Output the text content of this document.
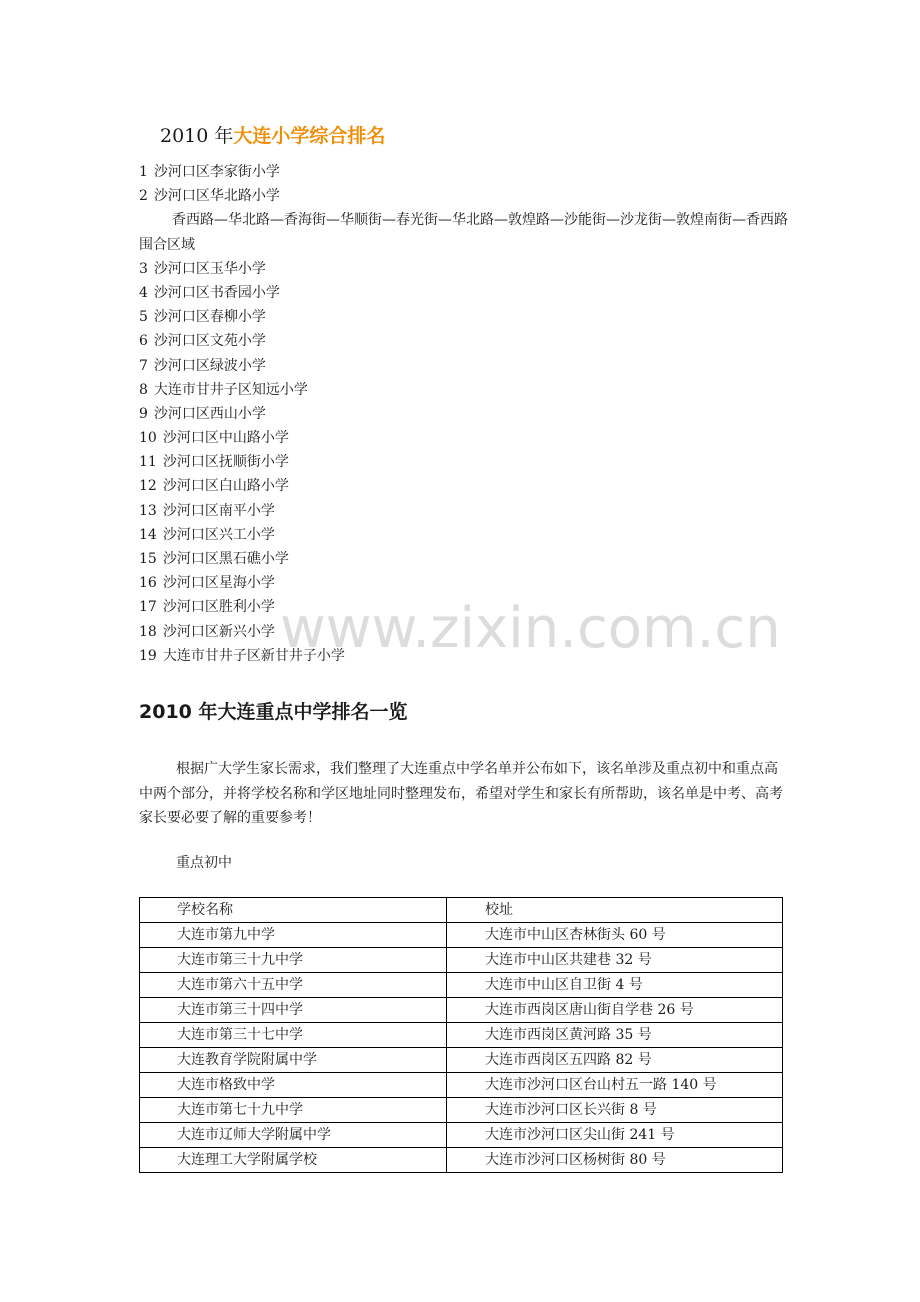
2010 年大连小学综合排名
1 沙河口区李家街小学
2 沙河口区华北路小学

香西路—华北路—香海街—华顺街—春光街—华北路—敦煌路—沙能街—沙龙街—敦煌南街—香西路围合区域

3 沙河口区玉华小学
4 沙河口区书香园小学
5 沙河口区春柳小学
6 沙河口区文苑小学
7 沙河口区绿波小学
8 大连市甘井子区知远小学
9 沙河口区西山小学
10 沙河口区中山路小学
11 沙河口区抚顺街小学
12 沙河口区白山路小学
13 沙河口区南平小学
14 沙河口区兴工小学
15 沙河口区黑石礁小学
16 沙河口区星海小学
17 沙河口区胜利小学
18 沙河口区新兴小学
19 大连市甘井子区新甘井子小学
www.zixin.com.cn
2010 年大连重点中学排名一览

根据广大学生家长需求，我们整理了大连重点中学名单并公布如下，该名单涉及重点初中和重点高中两个部分，并将学校名称和学区地址同时整理发布，希望对学生和家长有所帮助，该名单是中考、高考家长要必要了解的重要参考！

重点初中
学校名称	校址
大连市第九中学	大连市中山区杏林街头 60 号
大连市第三十九中学	大连市中山区共建巷 32 号
大连市第六十五中学	大连市中山区自卫街 4 号
大连市第三十四中学	大连市西岗区唐山街自学巷 26 号
大连市第三十七中学	大连市西岗区黄河路 35 号
大连教育学院附属中学	大连市西岗区五四路 82 号
大连市格致中学	大连市沙河口区台山村五一路 140 号
大连市第七十九中学	大连市沙河口区长兴街 8 号
大连市辽师大学附属中学	大连市沙河口区尖山街 241 号
大连理工大学附属学校	大连市沙河口区杨树街 80 号
